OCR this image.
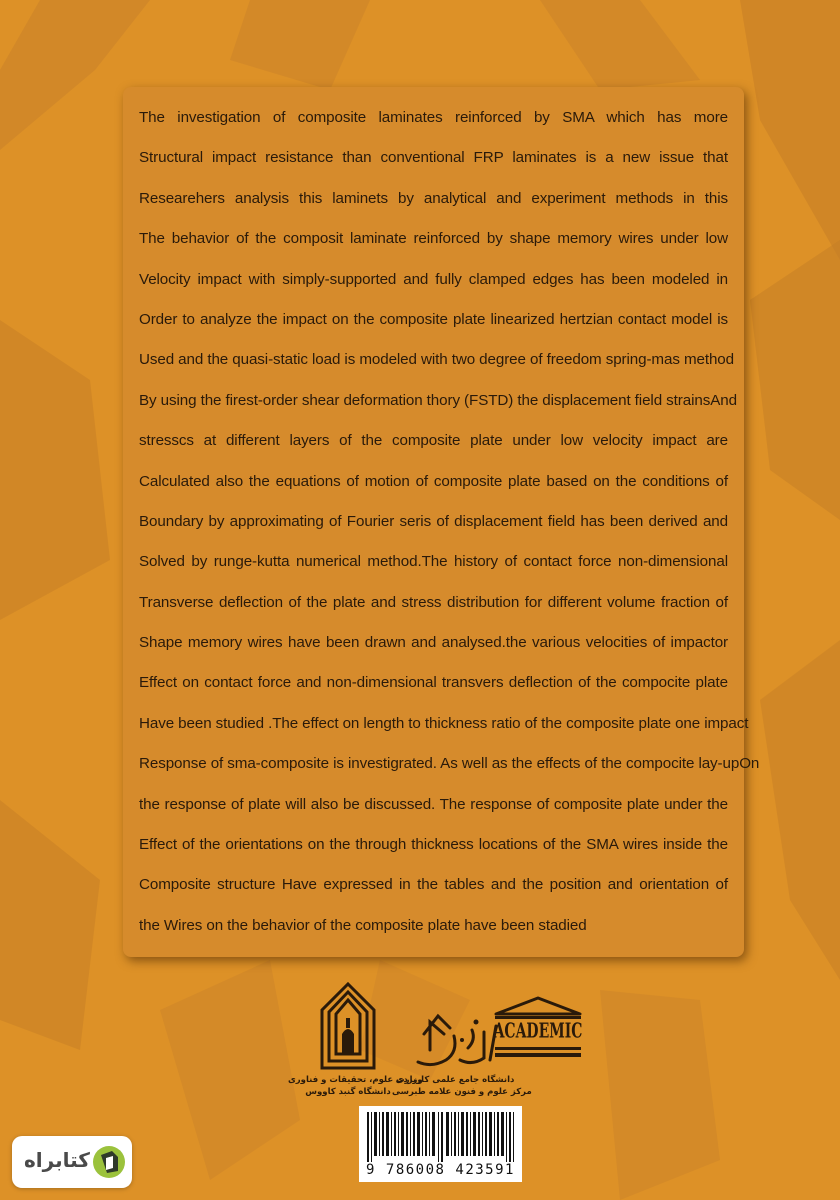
The investigation of composite laminates reinforced by SMA which has more

Structural impact resistance than conventional FRP laminates is a new issue that

Researehers analysis this laminets by analytical and experiment methods in this

The behavior of the composit laminate reinforced by shape memory wires under low

Velocity impact with simply-supported and fully clamped edges has been modeled in

Order to analyze the impact on the composite plate linearized hertzian contact model is

Used and the quasi-static load is modeled with two degree of freedom spring-mas method

By using the firest-order shear deformation thory (FSTD) the displacement field strainsAnd

stresscs at different layers of the composite plate under low velocity impact are

Calculated also the equations of motion of composite plate based on the conditions of

Boundary by approximating of Fourier seris of displacement field has been derived and

Solved by runge-kutta numerical method.The history of contact force non-dimensional

Transverse deflection of the plate and stress distribution for different volume fraction of

Shape memory wires have been drawn and analysed.the various velocities of impactor

Effect on contact force and non-dimensional transvers deflection of the compocite plate

Have been studied .The effect on length to thickness ratio of the composite plate one impact

Response of sma-composite is investigrated. As well as the effects of the compocite lay-upOn

the response of plate will also be discussed. The response of composite plate under the

Effect of the orientations on the through thickness locations of the SMA wires inside the

Composite structure Have expressed in the tables and the position and orientation of

the Wires on the behavior of the composite plate have been stadied

وزارت علوم، تحقیقات و فناوری
دانشگاه گنبد کاووس
دانشگاه جامع علمی کاربردی
مرکز علوم و فنون علامه طبرسی
ACADEMIC
9 786008 423591
کتابراه
